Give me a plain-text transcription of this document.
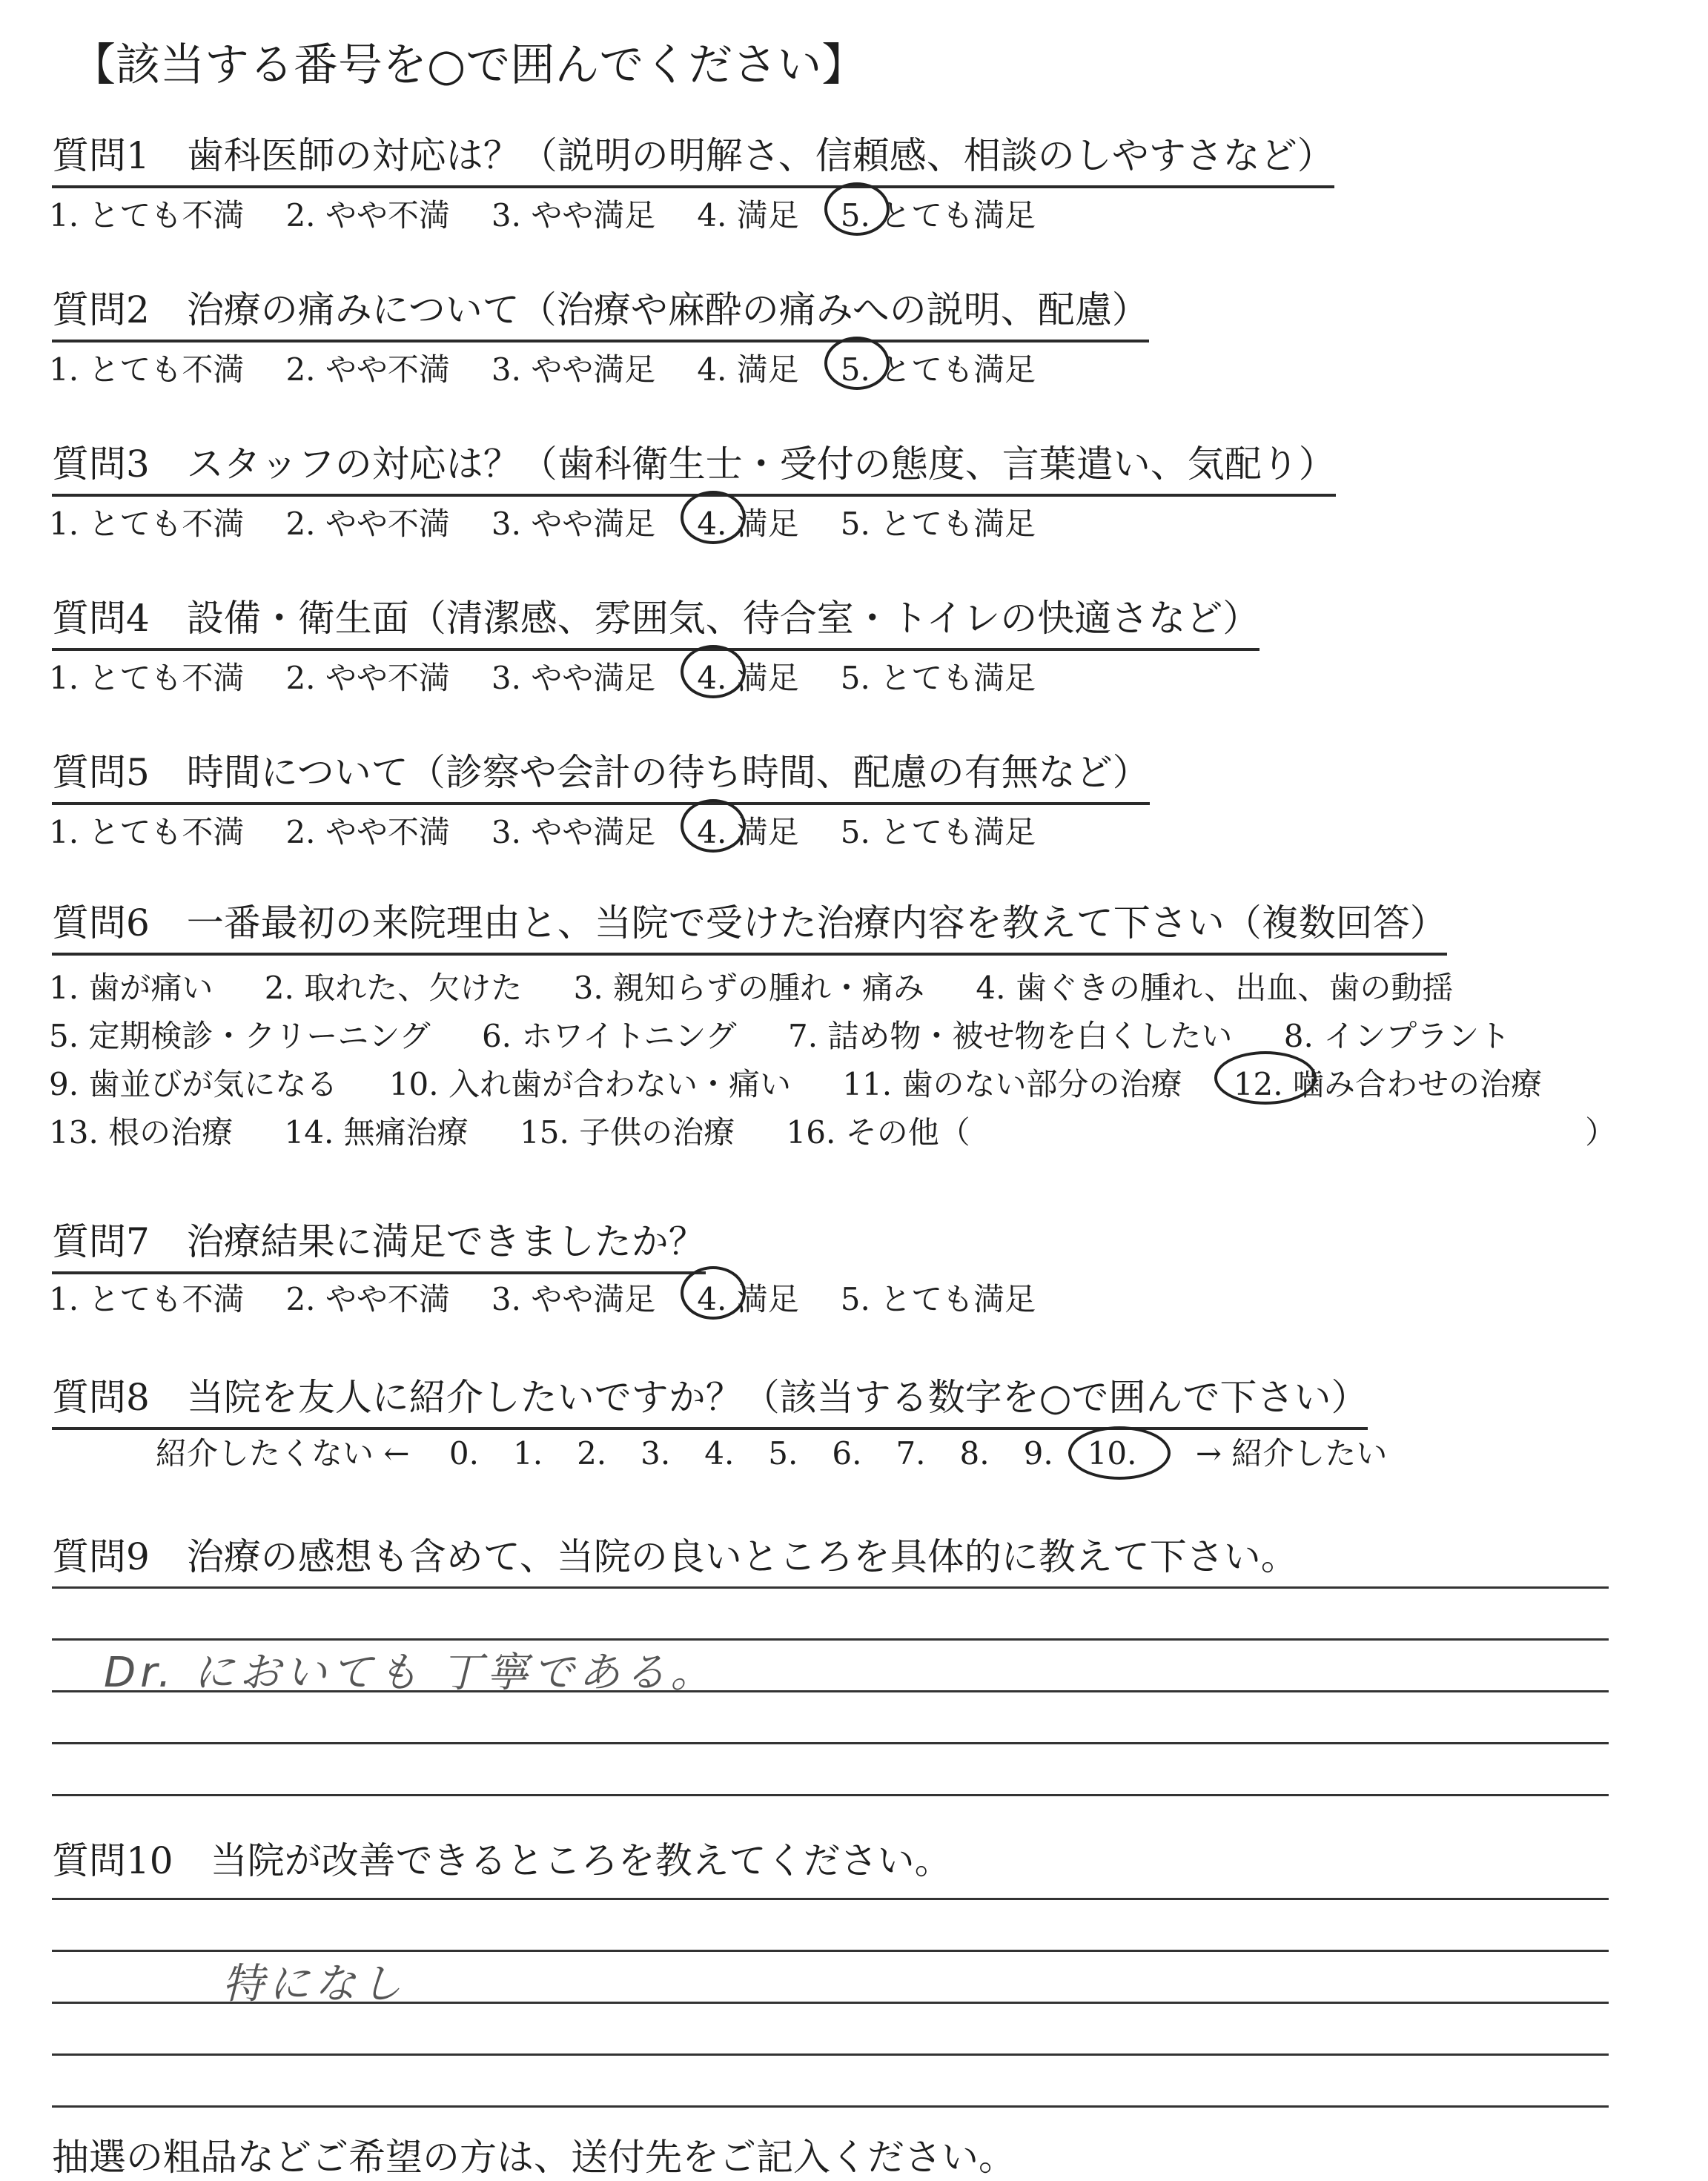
【該当する番号を○で囲んでください】
質問1　歯科医師の対応は？（説明の明解さ、信頼感、相談のしやすさなど）
1. とても不満 2. やや不満 3. やや満足 4. 満足 5. とても満足
質問2　治療の痛みについて（治療や麻酔の痛みへの説明、配慮）
1. とても不満 2. やや不満 3. やや満足 4. 満足 5. とても満足
質問3　スタッフの対応は？（歯科衛生士・受付の態度、言葉遣い、気配り）
1. とても不満 2. やや不満 3. やや満足 4. 満足 5. とても満足
質問4　設備・衛生面（清潔感、雰囲気、待合室・トイレの快適さなど）
1. とても不満 2. やや不満 3. やや満足 4. 満足 5. とても満足
質問5　時間について（診察や会計の待ち時間、配慮の有無など）
1. とても不満 2. やや不満 3. やや満足 4. 満足 5. とても満足
質問6　一番最初の来院理由と、当院で受けた治療内容を教えて下さい（複数回答）
1. 歯が痛い 2. 取れた、欠けた 3. 親知らずの腫れ・痛み 4. 歯ぐきの腫れ、出血、歯の動揺
5. 定期検診・クリーニング 6. ホワイトニング 7. 詰め物・被せ物を白くしたい 8. インプラント
9. 歯並びが気になる 10. 入れ歯が合わない・痛い 11. 歯のない部分の治療 12. 噛み合わせの治療
13. 根の治療 14. 無痛治療 15. 子供の治療 16. その他（	）
質問7　治療結果に満足できましたか？
1. とても不満 2. やや不満 3. やや満足 4. 満足 5. とても満足
質問8　当院を友人に紹介したいですか？（該当する数字を○で囲んで下さい）
紹介したくない ← 0. 1. 2. 3. 4. 5. 6. 7. 8. 9. 10. → 紹介したい
質問9　治療の感想も含めて、当院の良いところを具体的に教えて下さい。
Dr. においても 丁寧である。
質問10　当院が改善できるところを教えてください。
特になし
抽選の粗品などご希望の方は、送付先をご記入ください。
